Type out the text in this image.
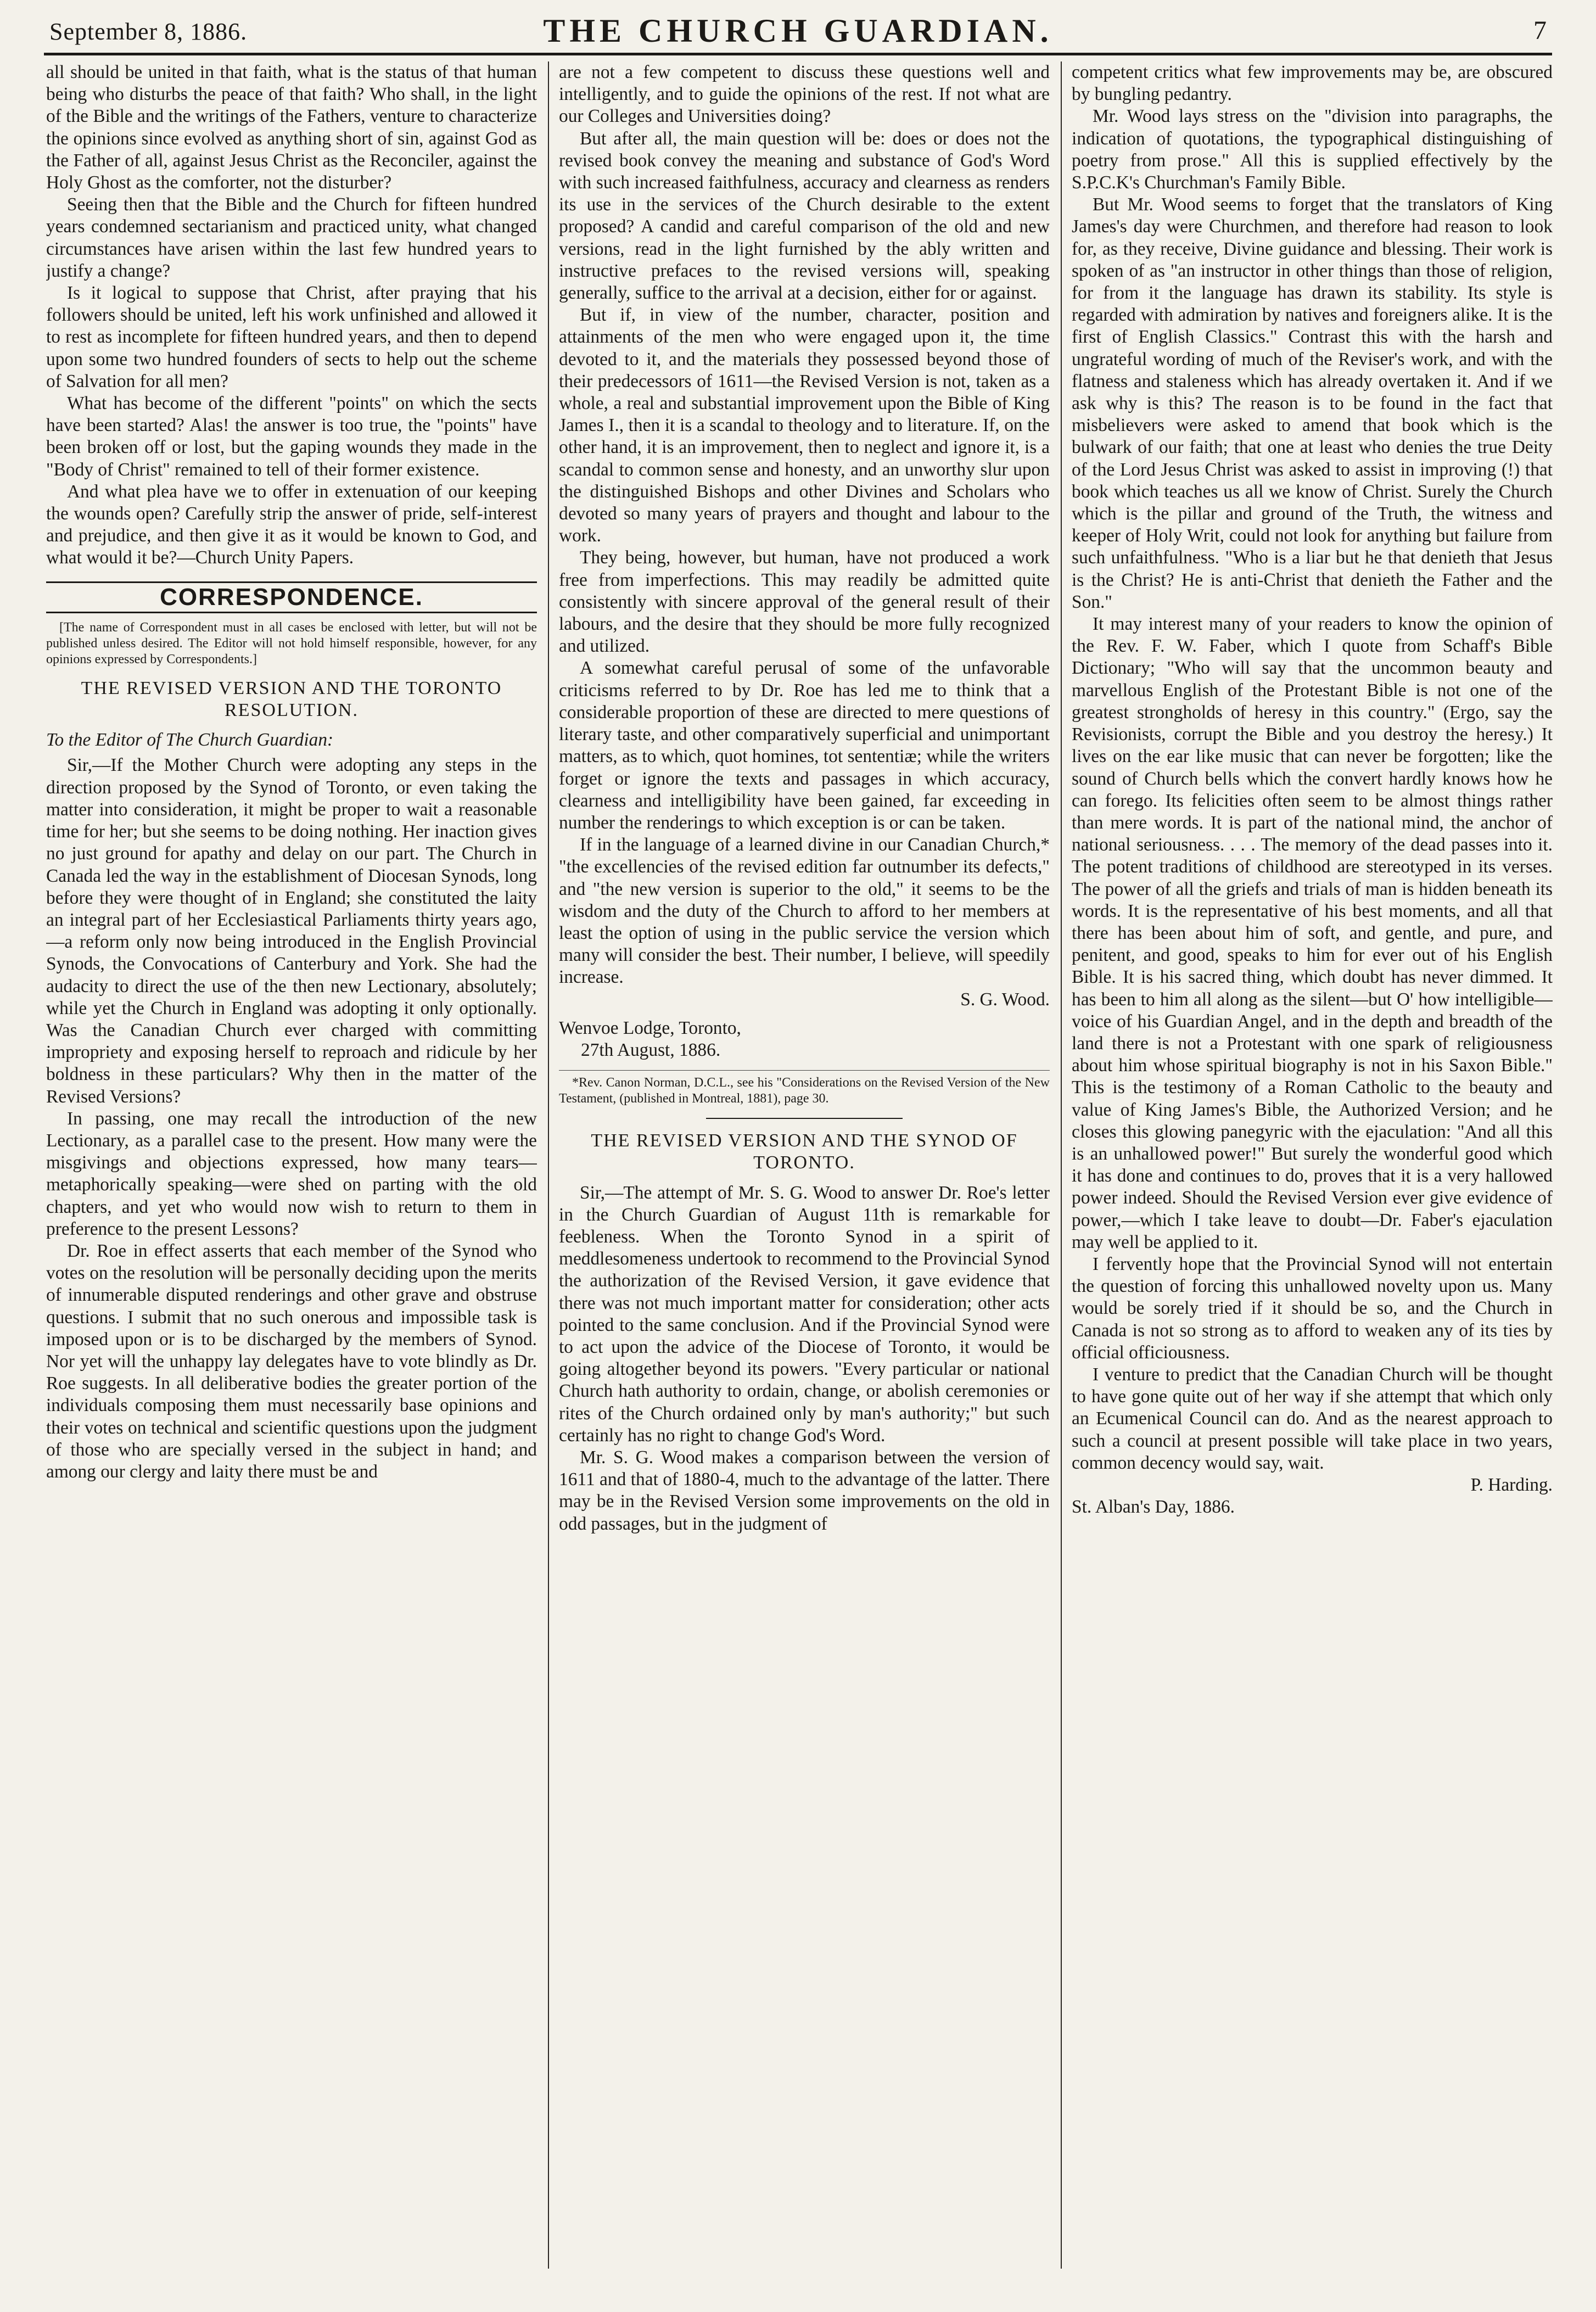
September 8, 1886.	THE CHURCH GUARDIAN.	7

all should be united in that faith, what is the status of that human being who disturbs the peace of that faith? Who shall, in the light of the Bible and the writings of the Fathers, venture to characterize the opinions since evolved as anything short of sin, against God as the Father of all, against Jesus Christ as the Reconciler, against the Holy Ghost as the comforter, not the disturber?

Seeing then that the Bible and the Church for fifteen hundred years condemned sectarianism and practiced unity, what changed circumstances have arisen within the last few hundred years to justify a change?

Is it logical to suppose that Christ, after praying that his followers should be united, left his work unfinished and allowed it to rest as incomplete for fifteen hundred years, and then to depend upon some two hundred founders of sects to help out the scheme of Salvation for all men?

What has become of the different "points" on which the sects have been started? Alas! the answer is too true, the "points" have been broken off or lost, but the gaping wounds they made in the "Body of Christ" remained to tell of their former existence.

And what plea have we to offer in extenuation of our keeping the wounds open? Carefully strip the answer of pride, self-interest and prejudice, and then give it as it would be known to God, and what would it be?—Church Unity Papers.

CORRESPONDENCE.

[The name of Correspondent must in all cases be enclosed with letter, but will not be published unless desired. The Editor will not hold himself responsible, however, for any opinions expressed by Correspondents.]

THE REVISED VERSION AND THE TORONTO RESOLUTION.

To the Editor of The Church Guardian:

Sir,—If the Mother Church were adopting any steps in the direction proposed by the Synod of Toronto, or even taking the matter into consideration, it might be proper to wait a reasonable time for her; but she seems to be doing nothing. Her inaction gives no just ground for apathy and delay on our part. The Church in Canada led the way in the establishment of Diocesan Synods, long before they were thought of in England; she constituted the laity an integral part of her Ecclesiastical Parliaments thirty years ago,—a reform only now being introduced in the English Provincial Synods, the Convocations of Canterbury and York. She had the audacity to direct the use of the then new Lectionary, absolutely; while yet the Church in England was adopting it only optionally. Was the Canadian Church ever charged with committing impropriety and exposing herself to reproach and ridicule by her boldness in these particulars? Why then in the matter of the Revised Versions?

In passing, one may recall the introduction of the new Lectionary, as a parallel case to the present. How many were the misgivings and objections expressed, how many tears—metaphorically speaking—were shed on parting with the old chapters, and yet who would now wish to return to them in preference to the present Lessons?

Dr. Roe in effect asserts that each member of the Synod who votes on the resolution will be personally deciding upon the merits of innumerable disputed renderings and other grave and obstruse questions. I submit that no such onerous and impossible task is imposed upon or is to be discharged by the members of Synod. Nor yet will the unhappy lay delegates have to vote blindly as Dr. Roe suggests. In all deliberative bodies the greater portion of the individuals composing them must necessarily base opinions and their votes on technical and scientific questions upon the judgment of those who are specially versed in the subject in hand; and among our clergy and laity there must be and

are not a few competent to discuss these questions well and intelligently, and to guide the opinions of the rest. If not what are our Colleges and Universities doing?

But after all, the main question will be: does or does not the revised book convey the meaning and substance of God's Word with such increased faithfulness, accuracy and clearness as renders its use in the services of the Church desirable to the extent proposed? A candid and careful comparison of the old and new versions, read in the light furnished by the ably written and instructive prefaces to the revised versions will, speaking generally, suffice to the arrival at a decision, either for or against.

But if, in view of the number, character, position and attainments of the men who were engaged upon it, the time devoted to it, and the materials they possessed beyond those of their predecessors of 1611—the Revised Version is not, taken as a whole, a real and substantial improvement upon the Bible of King James I., then it is a scandal to theology and to literature. If, on the other hand, it is an improvement, then to neglect and ignore it, is a scandal to common sense and honesty, and an unworthy slur upon the distinguished Bishops and other Divines and Scholars who devoted so many years of prayers and thought and labour to the work.

They being, however, but human, have not produced a work free from imperfections. This may readily be admitted quite consistently with sincere approval of the general result of their labours, and the desire that they should be more fully recognized and utilized.

A somewhat careful perusal of some of the unfavorable criticisms referred to by Dr. Roe has led me to think that a considerable proportion of these are directed to mere questions of literary taste, and other comparatively superficial and unimportant matters, as to which, quot homines, tot sententiæ; while the writers forget or ignore the texts and passages in which accuracy, clearness and intelligibility have been gained, far exceeding in number the renderings to which exception is or can be taken.

If in the language of a learned divine in our Canadian Church,* "the excellencies of the revised edition far outnumber its defects," and "the new version is superior to the old," it seems to be the wisdom and the duty of the Church to afford to her members at least the option of using in the public service the version which many will consider the best. Their number, I believe, will speedily increase.

S. G. Wood.

Wenvoe Lodge, Toronto,

27th August, 1886.

*Rev. Canon Norman, D.C.L., see his "Considerations on the Revised Version of the New Testament, (published in Montreal, 1881), page 30.

THE REVISED VERSION AND THE SYNOD OF TORONTO.

Sir,—The attempt of Mr. S. G. Wood to answer Dr. Roe's letter in the Church Guardian of August 11th is remarkable for feebleness. When the Toronto Synod in a spirit of meddlesomeness undertook to recommend to the Provincial Synod the authorization of the Revised Version, it gave evidence that there was not much important matter for consideration; other acts pointed to the same conclusion. And if the Provincial Synod were to act upon the advice of the Diocese of Toronto, it would be going altogether beyond its powers. "Every particular or national Church hath authority to ordain, change, or abolish ceremonies or rites of the Church ordained only by man's authority;" but such certainly has no right to change God's Word.

Mr. S. G. Wood makes a comparison between the version of 1611 and that of 1880-4, much to the advantage of the latter. There may be in the Revised Version some improvements on the old in odd passages, but in the judgment of

competent critics what few improvements may be, are obscured by bungling pedantry.

Mr. Wood lays stress on the "division into paragraphs, the indication of quotations, the typographical distinguishing of poetry from prose." All this is supplied effectively by the S.P.C.K's Churchman's Family Bible.

But Mr. Wood seems to forget that the translators of King James's day were Churchmen, and therefore had reason to look for, as they receive, Divine guidance and blessing. Their work is spoken of as "an instructor in other things than those of religion, for from it the language has drawn its stability. Its style is regarded with admiration by natives and foreigners alike. It is the first of English Classics." Contrast this with the harsh and ungrateful wording of much of the Reviser's work, and with the flatness and staleness which has already overtaken it. And if we ask why is this? The reason is to be found in the fact that misbelievers were asked to amend that book which is the bulwark of our faith; that one at least who denies the true Deity of the Lord Jesus Christ was asked to assist in improving (!) that book which teaches us all we know of Christ. Surely the Church which is the pillar and ground of the Truth, the witness and keeper of Holy Writ, could not look for anything but failure from such unfaithfulness. "Who is a liar but he that denieth that Jesus is the Christ? He is anti-Christ that denieth the Father and the Son."

It may interest many of your readers to know the opinion of the Rev. F. W. Faber, which I quote from Schaff's Bible Dictionary; "Who will say that the uncommon beauty and marvellous English of the Protestant Bible is not one of the greatest strongholds of heresy in this country." (Ergo, say the Revisionists, corrupt the Bible and you destroy the heresy.) It lives on the ear like music that can never be forgotten; like the sound of Church bells which the convert hardly knows how he can forego. Its felicities often seem to be almost things rather than mere words. It is part of the national mind, the anchor of national seriousness. . . . The memory of the dead passes into it. The potent traditions of childhood are stereotyped in its verses. The power of all the griefs and trials of man is hidden beneath its words. It is the representative of his best moments, and all that there has been about him of soft, and gentle, and pure, and penitent, and good, speaks to him for ever out of his English Bible. It is his sacred thing, which doubt has never dimmed. It has been to him all along as the silent—but O' how intelligible—voice of his Guardian Angel, and in the depth and breadth of the land there is not a Protestant with one spark of religiousness about him whose spiritual biography is not in his Saxon Bible." This is the testimony of a Roman Catholic to the beauty and value of King James's Bible, the Authorized Version; and he closes this glowing panegyric with the ejaculation: "And all this is an unhallowed power!" But surely the wonderful good which it has done and continues to do, proves that it is a very hallowed power indeed. Should the Revised Version ever give evidence of power,—which I take leave to doubt—Dr. Faber's ejaculation may well be applied to it.

I fervently hope that the Provincial Synod will not entertain the question of forcing this unhallowed novelty upon us. Many would be sorely tried if it should be so, and the Church in Canada is not so strong as to afford to weaken any of its ties by official officiousness.

I venture to predict that the Canadian Church will be thought to have gone quite out of her way if she attempt that which only an Ecumenical Council can do. And as the nearest approach to such a council at present possible will take place in two years, common decency would say, wait.

P. Harding.

St. Alban's Day, 1886.
